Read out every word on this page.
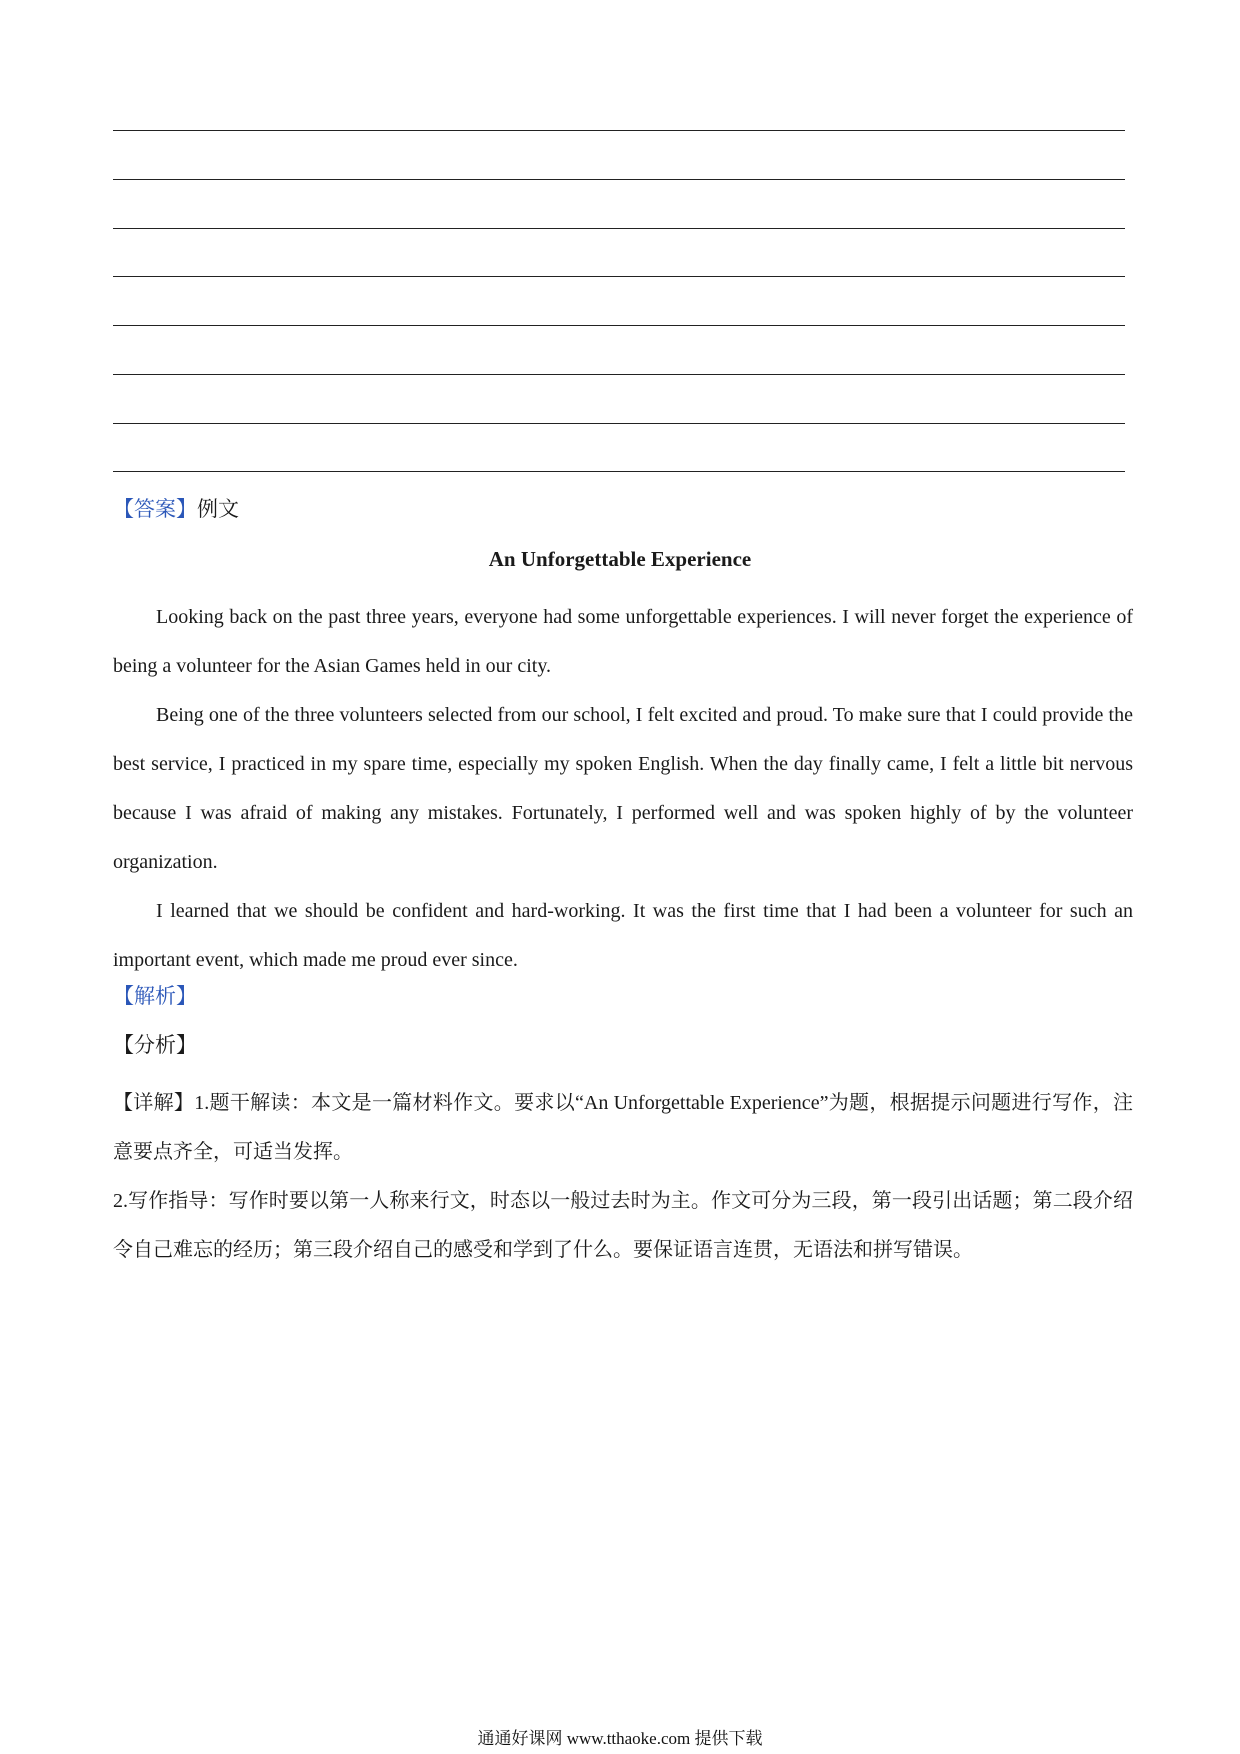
【答案】例文
An Unforgettable Experience

Looking back on the past three years, everyone had some unforgettable experiences. I will never forget the experience of being a volunteer for the Asian Games held in our city.

Being one of the three volunteers selected from our school, I felt excited and proud. To make sure that I could provide the best service, I practiced in my spare time, especially my spoken English. When the day finally came, I felt a little bit nervous because I was afraid of making any mistakes. Fortunately, I performed well and was spoken highly of by the volunteer organization.

I learned that we should be confident and hard-working. It was the first time that I had been a volunteer for such an important event, which made me proud ever since.

【解析】
【分析】

【详解】1.题干解读：本文是一篇材料作文。要求以“An Unforgettable Experience”为题，根据提示问题进行写作，注意要点齐全，可适当发挥。

2.写作指导：写作时要以第一人称来行文，时态以一般过去时为主。作文可分为三段，第一段引出话题；第二段介绍令自己难忘的经历；第三段介绍自己的感受和学到了什么。要保证语言连贯，无语法和拼写错误。

通通好课网 www.tthaoke.com 提供下载
